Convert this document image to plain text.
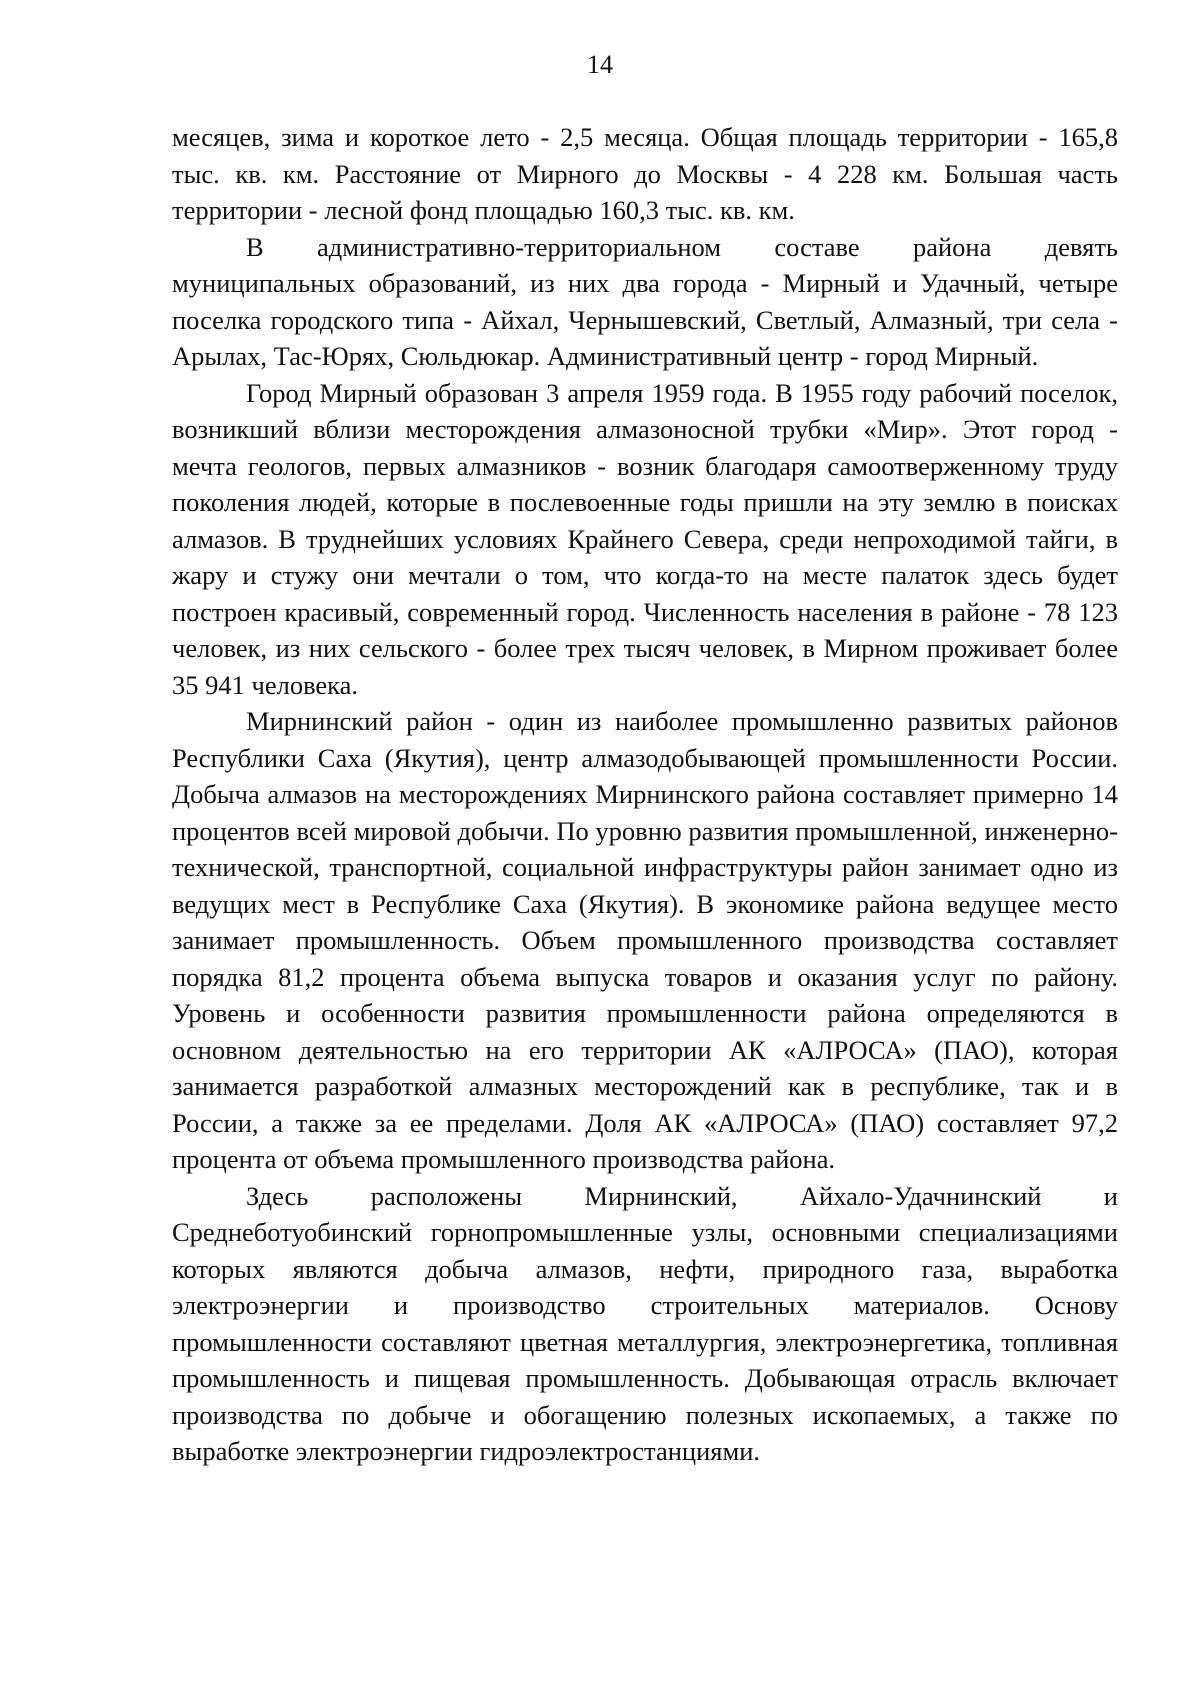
14

месяцев, зима и короткое лето - 2,5 месяца. Общая площадь территории - 165,8 тыс. кв. км. Расстояние от Мирного до Москвы - 4 228 км. Большая часть территории - лесной фонд площадью 160,3 тыс. кв. км.

В административно-территориальном составе района девять муниципальных образований, из них два города - Мирный и Удачный, четыре поселка городского типа - Айхал, Чернышевский, Светлый, Алмазный, три села - Арылах, Тас-Юрях, Сюльдюкар. Административный центр - город Мирный.

Город Мирный образован 3 апреля 1959 года. В 1955 году рабочий поселок, возникший вблизи месторождения алмазоносной трубки «Мир». Этот город - мечта геологов, первых алмазников - возник благодаря самоотверженному труду поколения людей, которые в послевоенные годы пришли на эту землю в поисках алмазов. В труднейших условиях Крайнего Севера, среди непроходимой тайги, в жару и стужу они мечтали о том, что когда-то на месте палаток здесь будет построен красивый, современный город. Численность населения в районе - 78 123 человек, из них сельского - более трех тысяч человек, в Мирном проживает более 35 941 человека.

Мирнинский район - один из наиболее промышленно развитых районов Республики Саха (Якутия), центр алмазодобывающей промышленности России. Добыча алмазов на месторождениях Мирнинского района составляет примерно 14 процентов всей мировой добычи. По уровню развития промышленной, инженерно-технической, транспортной, социальной инфраструктуры район занимает одно из ведущих мест в Республике Саха (Якутия). В экономике района ведущее место занимает промышленность. Объем промышленного производства составляет порядка 81,2 процента объема выпуска товаров и оказания услуг по району. Уровень и особенности развития промышленности района определяются в основном деятельностью на его территории АК «АЛРОСА» (ПАО), которая занимается разработкой алмазных месторождений как в республике, так и в России, а также за ее пределами. Доля АК «АЛРОСА» (ПАО) составляет 97,2 процента от объема промышленного производства района.

Здесь расположены Мирнинский, Айхало-Удачнинский и Среднеботуобинский горнопромышленные узлы, основными специализациями которых являются добыча алмазов, нефти, природного газа, выработка электроэнергии и производство строительных материалов. Основу промышленности составляют цветная металлургия, электроэнергетика, топливная промышленность и пищевая промышленность. Добывающая отрасль включает производства по добыче и обогащению полезных ископаемых, а также по выработке электроэнергии гидроэлектростанциями.
